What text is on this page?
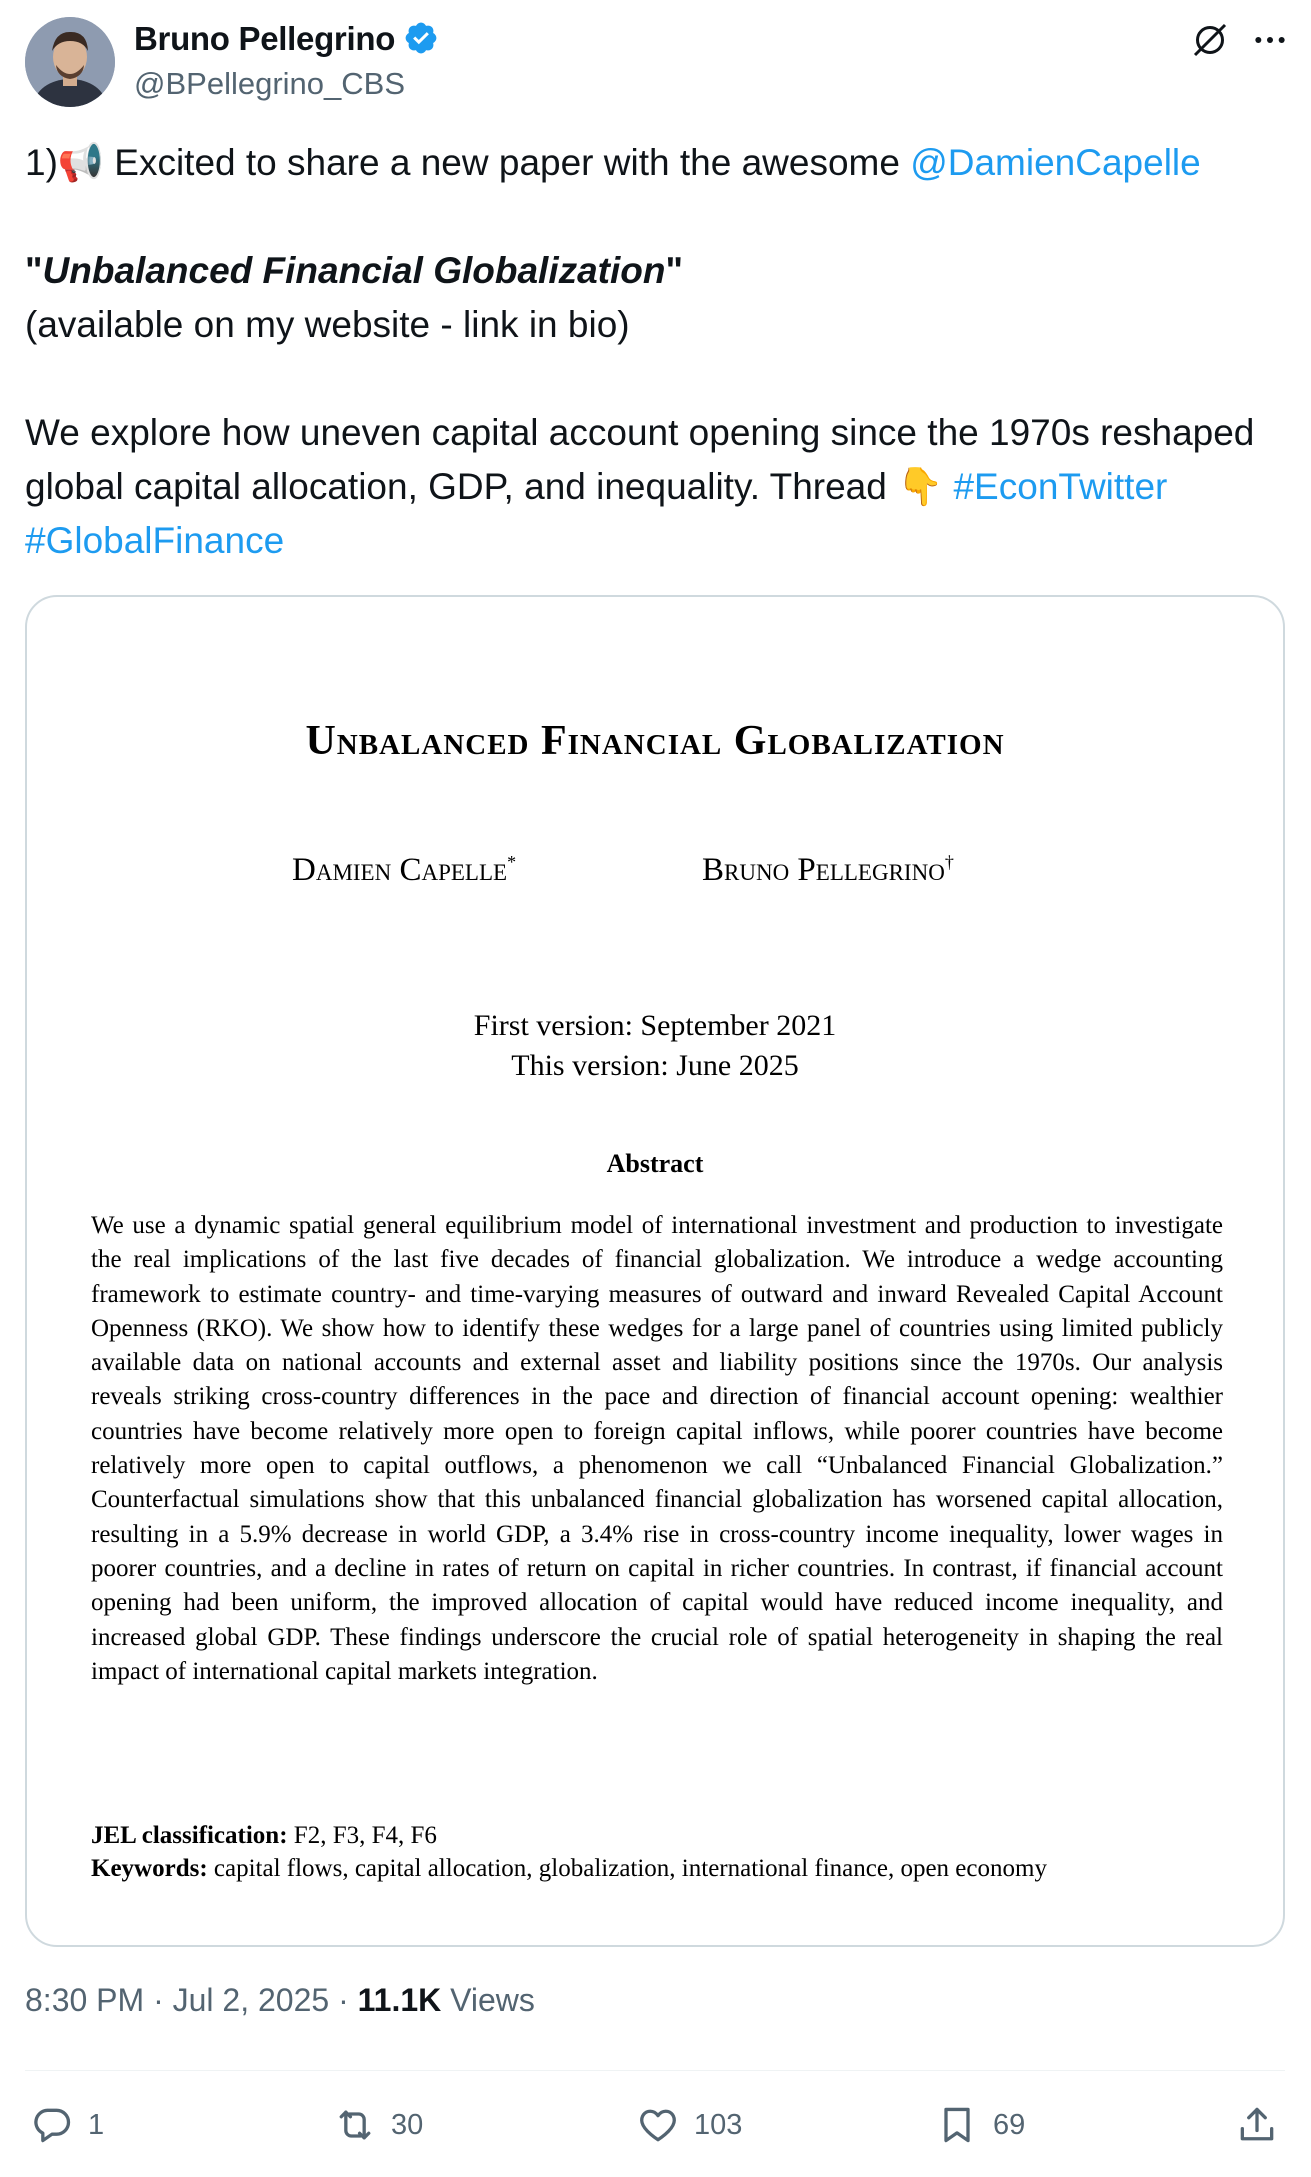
Bruno Pellegrino
@BPellegrino_CBS

1)📢 Excited to share a new paper with the awesome @DamienCapelle

"Unbalanced Financial Globalization"

(available on my website - link in bio)

We explore how uneven capital account opening since the 1970s reshaped global capital allocation, GDP, and inequality. Thread 👇 #EconTwitter #GlobalFinance

Unbalanced Financial Globalization
Damien Capelle*	Bruno Pellegrino†
First version: September 2021
This version: June 2025
Abstract
We use a dynamic spatial general equilibrium model of international investment and production to investigate the real implications of the last five decades of financial globalization. We introduce a wedge accounting framework to estimate country- and time-varying measures of outward and inward Revealed Capital Account Openness (RKO). We show how to identify these wedges for a large panel of countries using limited publicly available data on national accounts and external asset and liability positions since the 1970s. Our analysis reveals striking cross-country differences in the pace and direction of financial account opening: wealthier countries have become relatively more open to foreign capital inflows, while poorer countries have become relatively more open to capital outflows, a phenomenon we call “Unbalanced Financial Globalization.” Counterfactual simulations show that this unbalanced financial globalization has worsened capital allocation, resulting in a 5.9% decrease in world GDP, a 3.4% rise in cross-country income inequality, lower wages in poorer countries, and a decline in rates of return on capital in richer countries. In contrast, if financial account opening had been uniform, the improved allocation of capital would have reduced income inequality, and increased global GDP. These findings underscore the crucial role of spatial heterogeneity in shaping the real impact of international capital markets integration.
JEL classification: F2, F3, F4, F6
Keywords: capital flows, capital allocation, globalization, international finance, open economy
8:30 PM · Jul 2, 2025 · 11.1K Views
1	30	103	69
